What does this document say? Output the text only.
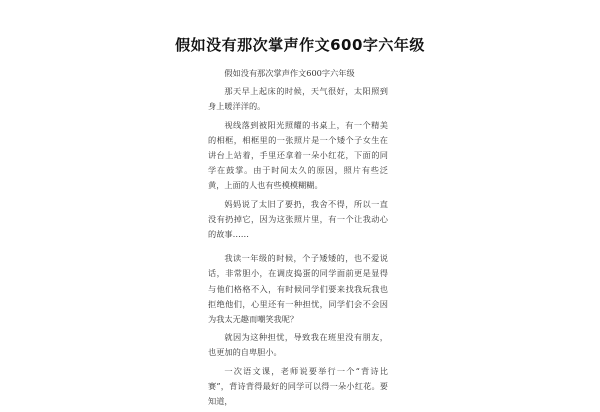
假如没有那次掌声作文600字六年级

假如没有那次掌声作文600字六年级

那天早上起床的时候，天气很好，太阳照到身上暖洋洋的。

视线落到被阳光照耀的书桌上，有一个精美的相框，相框里的一张照片是一个矮个子女生在讲台上站着，手里还拿着一朵小红花，下面的同学在鼓掌。由于时间太久的原因，照片有些泛黄，上面的人也有些模模糊糊。

妈妈说了太旧了要扔，我舍不得，所以一直没有扔掉它，因为这张照片里，有一个让我动心的故事……

我读一年级的时候，个子矮矮的，也不爱说话，非常胆小，在调皮捣蛋的同学面前更是显得与他们格格不入，有时候同学们要来找我玩我也拒绝他们，心里还有一种担忧，同学们会不会因为我太无趣而嘲笑我呢？

就因为这种担忧，导致我在班里没有朋友，也更加的自卑胆小。

一次语文课，老师说要举行一个“背诗比赛”，背诗背得最好的同学可以得一朵小红花。要知道，
